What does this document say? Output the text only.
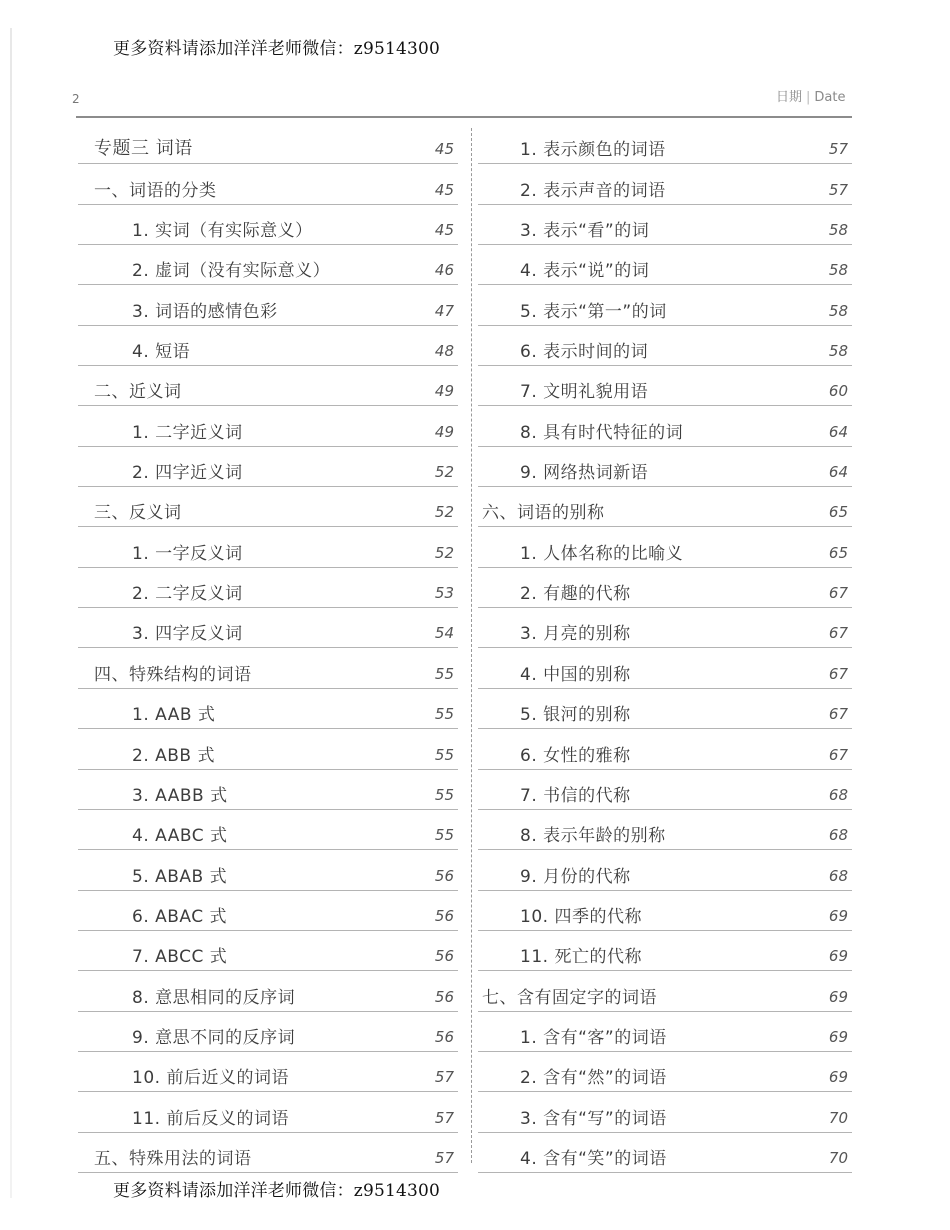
更多资料请添加洋洋老师微信：z9514300
2	日期 | Date
专题三 词语	45
一、词语的分类	45
1. 实词（有实际意义）	45
2. 虚词（没有实际意义）	46
3. 词语的感情色彩	47
4. 短语	48
二、近义词	49
1. 二字近义词	49
2. 四字近义词	52
三、反义词	52
1. 一字反义词	52
2. 二字反义词	53
3. 四字反义词	54
四、特殊结构的词语	55
1. AAB 式	55
2. ABB 式	55
3. AABB 式	55
4. AABC 式	55
5. ABAB 式	56
6. ABAC 式	56
7. ABCC 式	56
8. 意思相同的反序词	56
9. 意思不同的反序词	56
10. 前后近义的词语	57
11. 前后反义的词语	57
五、特殊用法的词语	57
1. 表示颜色的词语	57
2. 表示声音的词语	57
3. 表示“看”的词	58
4. 表示“说”的词	58
5. 表示“第一”的词	58
6. 表示时间的词	58
7. 文明礼貌用语	60
8. 具有时代特征的词	64
9. 网络热词新语	64
六、词语的别称	65
1. 人体名称的比喻义	65
2. 有趣的代称	67
3. 月亮的别称	67
4. 中国的别称	67
5. 银河的别称	67
6. 女性的雅称	67
7. 书信的代称	68
8. 表示年龄的别称	68
9. 月份的代称	68
10. 四季的代称	69
11. 死亡的代称	69
七、含有固定字的词语	69
1. 含有“客”的词语	69
2. 含有“然”的词语	69
3. 含有“写”的词语	70
4. 含有“笑”的词语	70
更多资料请添加洋洋老师微信：z9514300
